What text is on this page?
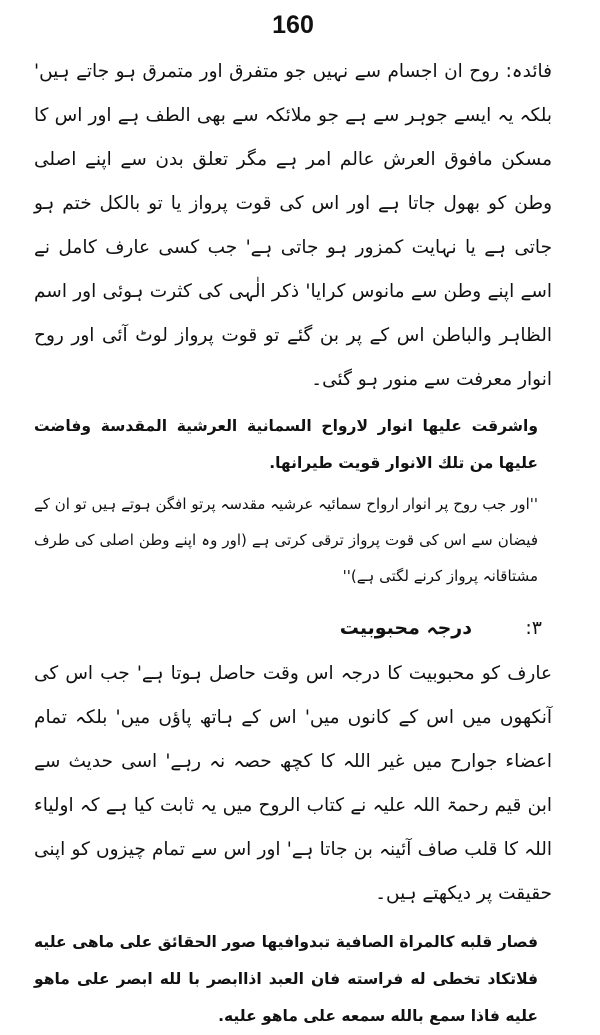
160

فائدہ: روح ان اجسام سے نہیں جو متفرق اور متمرق ہو جاتے ہیں' بلکہ یہ ایسے جوہر سے ہے جو ملائکہ سے بھی الطف ہے اور اس کا مسکن مافوق العرش عالم امر ہے مگر تعلق بدن سے اپنے اصلی وطن کو بھول جاتا ہے اور اس کی قوت پرواز یا تو بالکل ختم ہو جاتی ہے یا نہایت کمزور ہو جاتی ہے' جب کسی عارف کامل نے اسے اپنے وطن سے مانوس کرایا' ذکر الٰہی کی کثرت ہوئی اور اسم الظاہر والباطن اس کے پر بن گئے تو قوت پرواز لوٹ آئی اور روح انوار معرفت سے منور ہو گئی۔

واشرقت عليها انوار لارواح السمانية العرشية المقدسة وفاضت عليها من تلك الانوار قويت طيرانها.

''اور جب روح پر انوار ارواح سمائیہ عرشیہ مقدسہ پرتو افگن ہوتے ہیں تو ان کے فیضان سے اس کی قوت پرواز ترقی کرتی ہے (اور وہ اپنے وطن اصلی کی طرف مشتاقانہ پرواز کرنے لگتی ہے)''

۳:
درجہ محبوبیت

عارف کو محبوبیت کا درجہ اس وقت حاصل ہوتا ہے' جب اس کی آنکھوں میں اس کے کانوں میں' اس کے ہاتھ پاؤں میں' بلکہ تمام اعضاء جوارح میں غیر اللہ کا کچھ حصہ نہ رہے' اسی حدیث سے ابن قیم رحمۃ اللہ علیہ نے کتاب الروح میں یہ ثابت کیا ہے کہ اولیاء اللہ کا قلب صاف آئینہ بن جاتا ہے' اور اس سے تمام چیزوں کو اپنی حقیقت پر دیکھتے ہیں۔

فصار قلبه كالمراة الصافية تبدوافيها صور الحقائق على ماهى عليه فلاتكاد تخطى له فراسته فان العبد اذاابصر با لله ابصر على ماهو عليه فاذا سمع بالله سمعه على ماهو عليه.
